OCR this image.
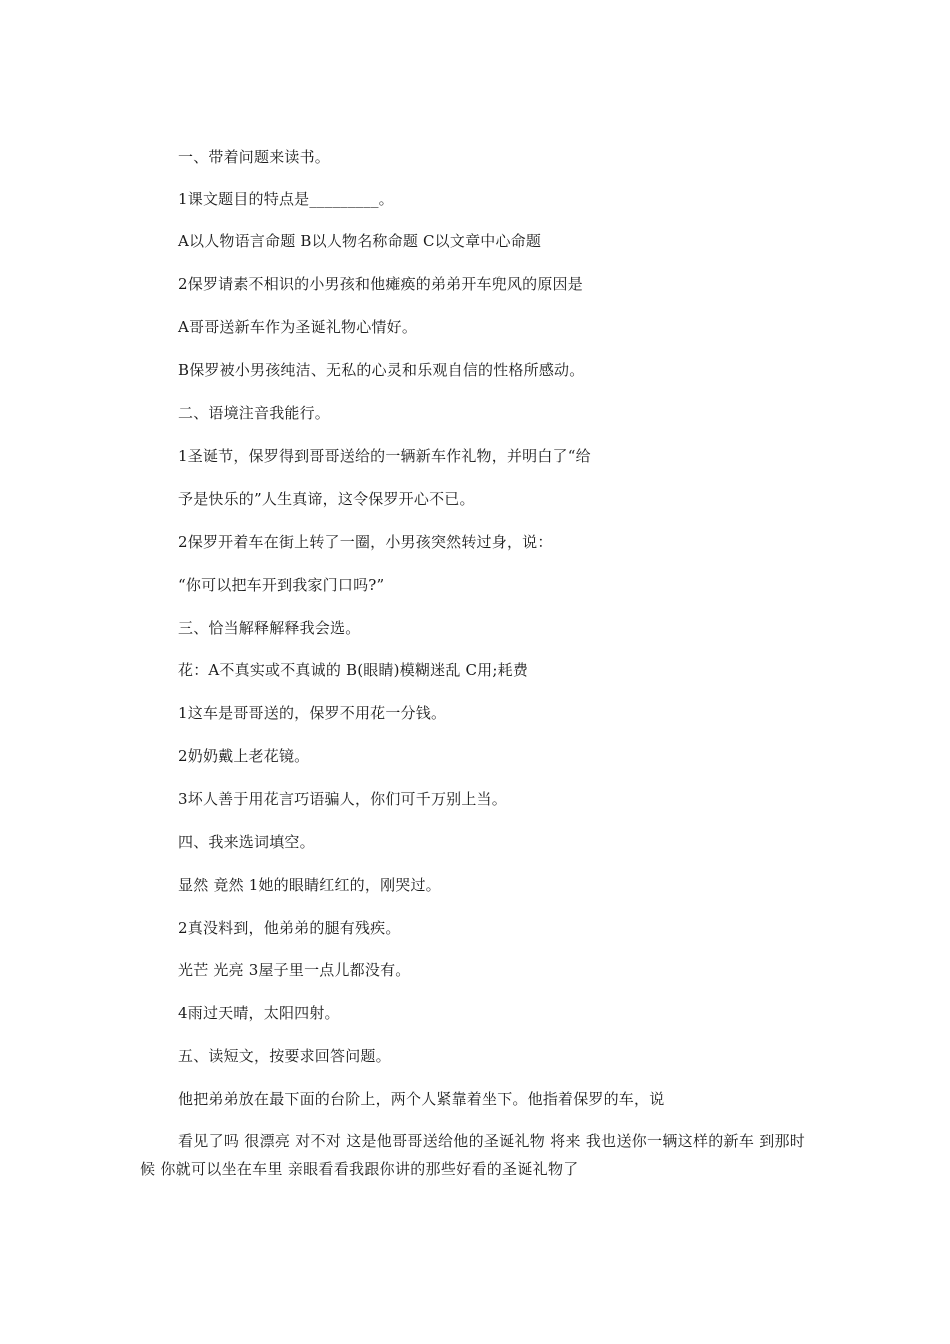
一、带着问题来读书。
1课文题目的特点是_________。
A以人物语言命题 B以人物名称命题 C以文章中心命题
2保罗请素不相识的小男孩和他瘫痪的弟弟开车兜风的原因是
A哥哥送新车作为圣诞礼物心情好。
B保罗被小男孩纯洁、无私的心灵和乐观自信的性格所感动。
二、语境注音我能行。
1圣诞节，保罗得到哥哥送给的一辆新车作礼物，并明白了“给
予是快乐的”人生真谛，这令保罗开心不已。
2保罗开着车在街上转了一圈，小男孩突然转过身，说：
“你可以把车开到我家门口吗?”
三、恰当解释解释我会选。
花：A不真实或不真诚的 B(眼睛)模糊迷乱 C用;耗费
1这车是哥哥送的，保罗不用花一分钱。
2奶奶戴上老花镜。
3坏人善于用花言巧语骗人，你们可千万别上当。
四、我来选词填空。
显然 竟然 1她的眼睛红红的，刚哭过。
2真没料到，他弟弟的腿有残疾。
光芒 光亮 3屋子里一点儿都没有。
4雨过天晴，太阳四射。
五、读短文，按要求回答问题。
他把弟弟放在最下面的台阶上，两个人紧靠着坐下。他指着保罗的车，说
看见了吗 很漂亮 对不对 这是他哥哥送给他的圣诞礼物 将来 我也送你一辆这样的新车 到那时候 你就可以坐在车里 亲眼看看我跟你讲的那些好看的圣诞礼物了
